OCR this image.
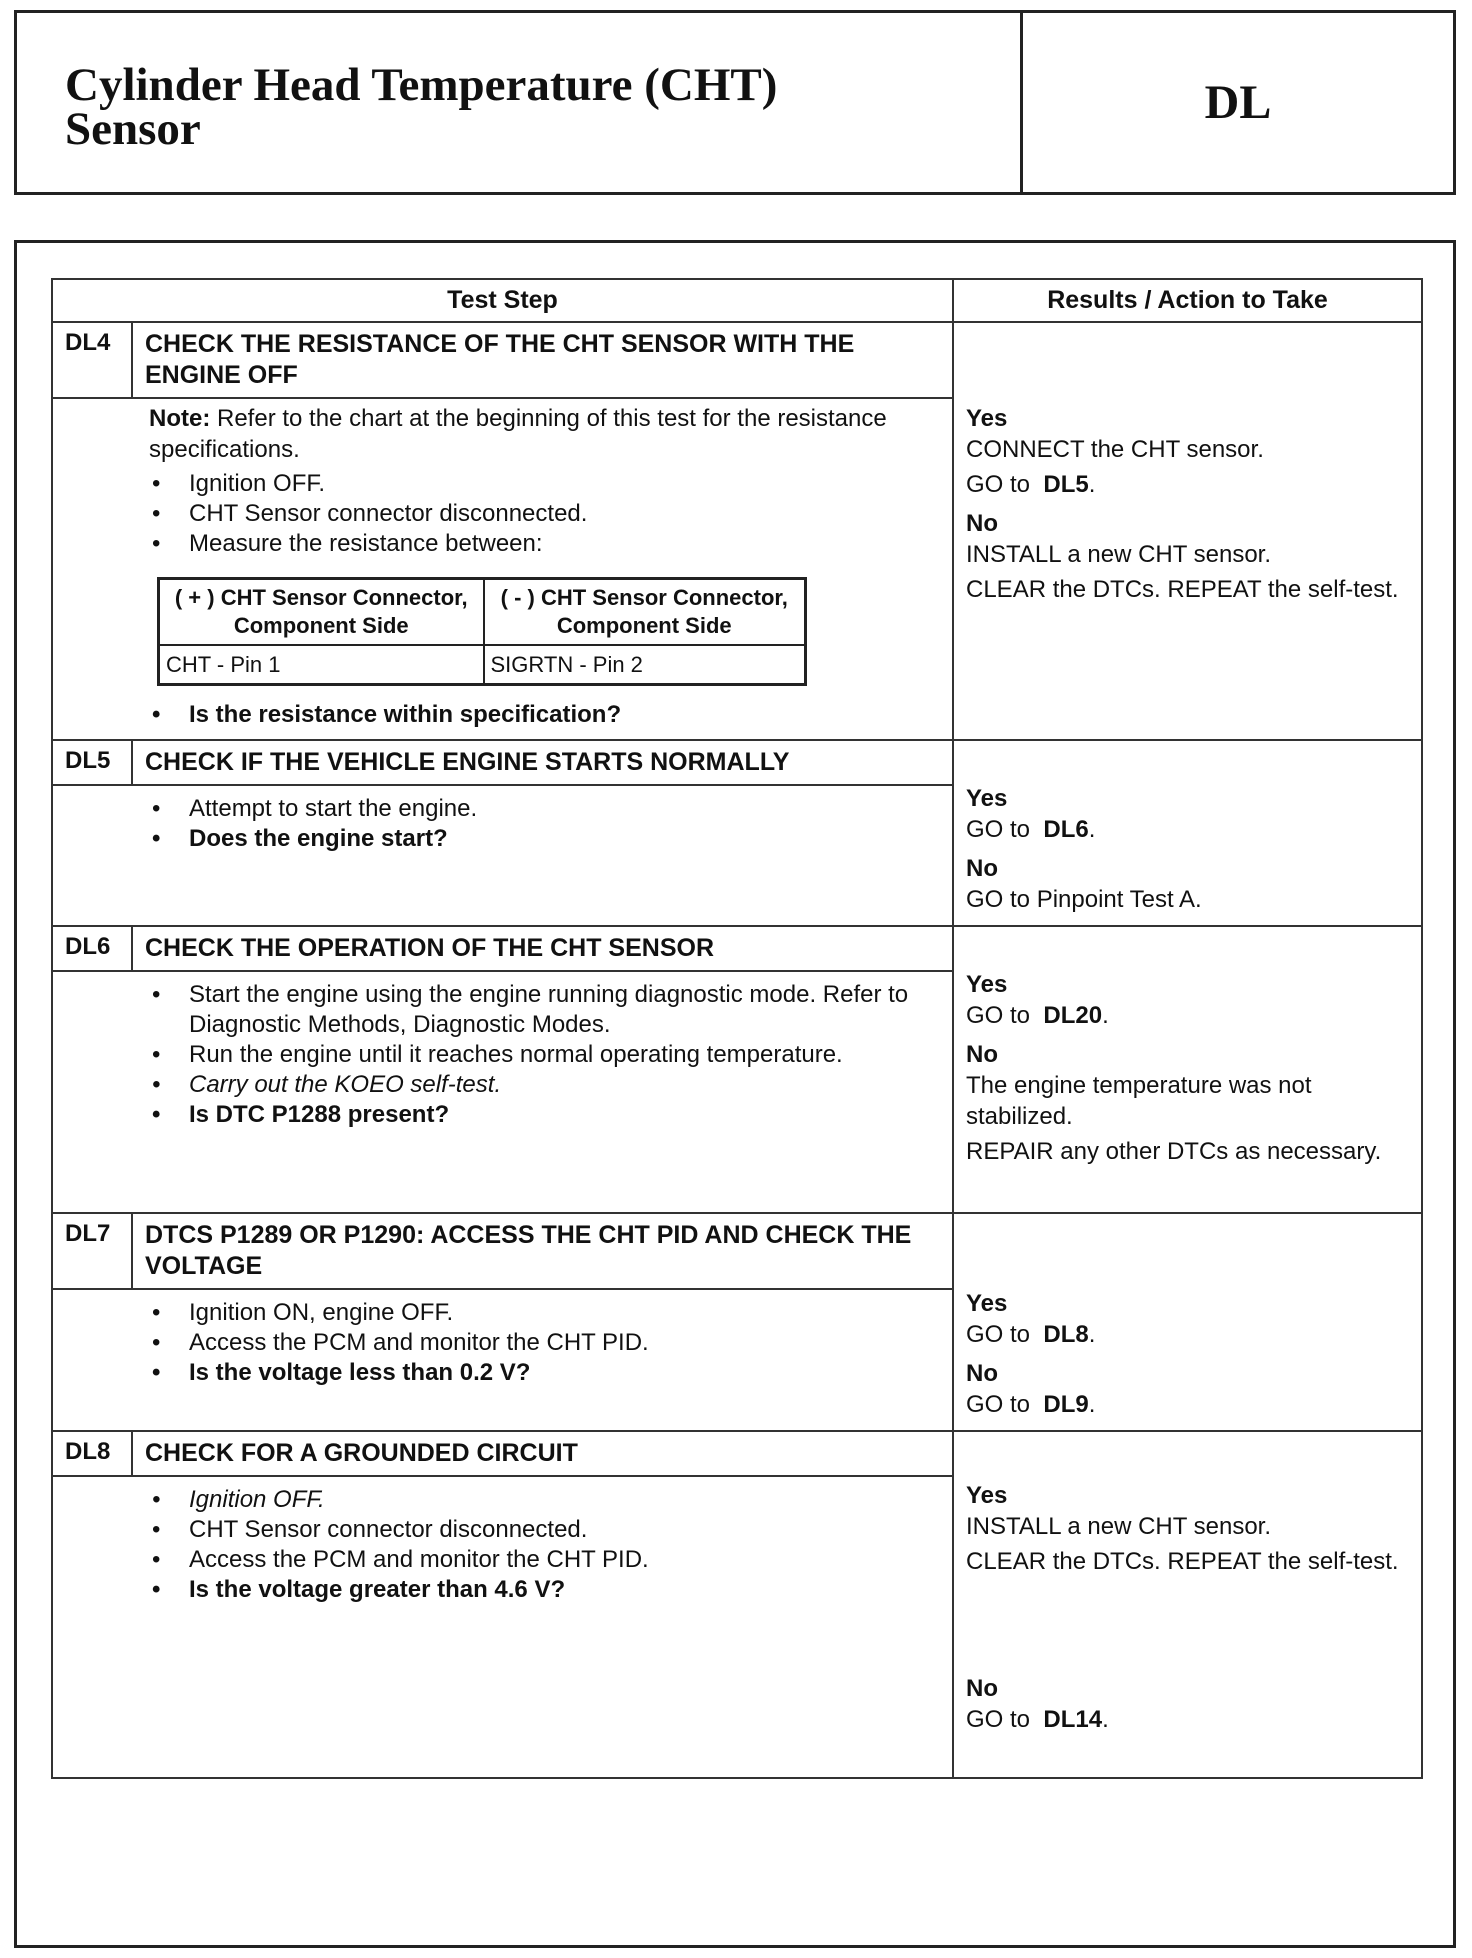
Cylinder Head Temperature (CHT)
Sensor	DL
Test Step	Results / Action to Take

DL4	CHECK THE RESISTANCE OF THE CHT SENSOR WITH THE ENGINE OFF
Note: Refer to the chart at the beginning of this test for the resistance specifications.
• Ignition OFF.
• CHT Sensor connector disconnected.
• Measure the resistance between:
( + ) CHT Sensor Connector, Component Side	( - ) CHT Sensor Connector, Component Side
CHT - Pin 1	SIGRTN - Pin 2
• Is the resistance within specification?

Yes

CONNECT the CHT sensor.

GO to DL5.

No

INSTALL a new CHT sensor.

CLEAR the DTCs. REPEAT the self-test.

DL5	CHECK IF THE VEHICLE ENGINE STARTS NORMALLY
• Attempt to start the engine.
• Does the engine start?

Yes

GO to DL6.

No

GO to Pinpoint Test A.

DL6	CHECK THE OPERATION OF THE CHT SENSOR
• Start the engine using the engine running diagnostic mode. Refer to Diagnostic Methods, Diagnostic Modes.
• Run the engine until it reaches normal operating temperature.
• Carry out the KOEO self-test.
• Is DTC P1288 present?

Yes

GO to DL20.

No

The engine temperature was not stabilized.

REPAIR any other DTCs as necessary.

DL7	DTCS P1289 OR P1290: ACCESS THE CHT PID AND CHECK THE VOLTAGE
• Ignition ON, engine OFF.
• Access the PCM and monitor the CHT PID.
• Is the voltage less than 0.2 V?

Yes

GO to DL8.

No

GO to DL9.

DL8	CHECK FOR A GROUNDED CIRCUIT
• Ignition OFF.
• CHT Sensor connector disconnected.
• Access the PCM and monitor the CHT PID.
• Is the voltage greater than 4.6 V?

Yes

INSTALL a new CHT sensor.

CLEAR the DTCs. REPEAT the self-test.

No

GO to DL14.
